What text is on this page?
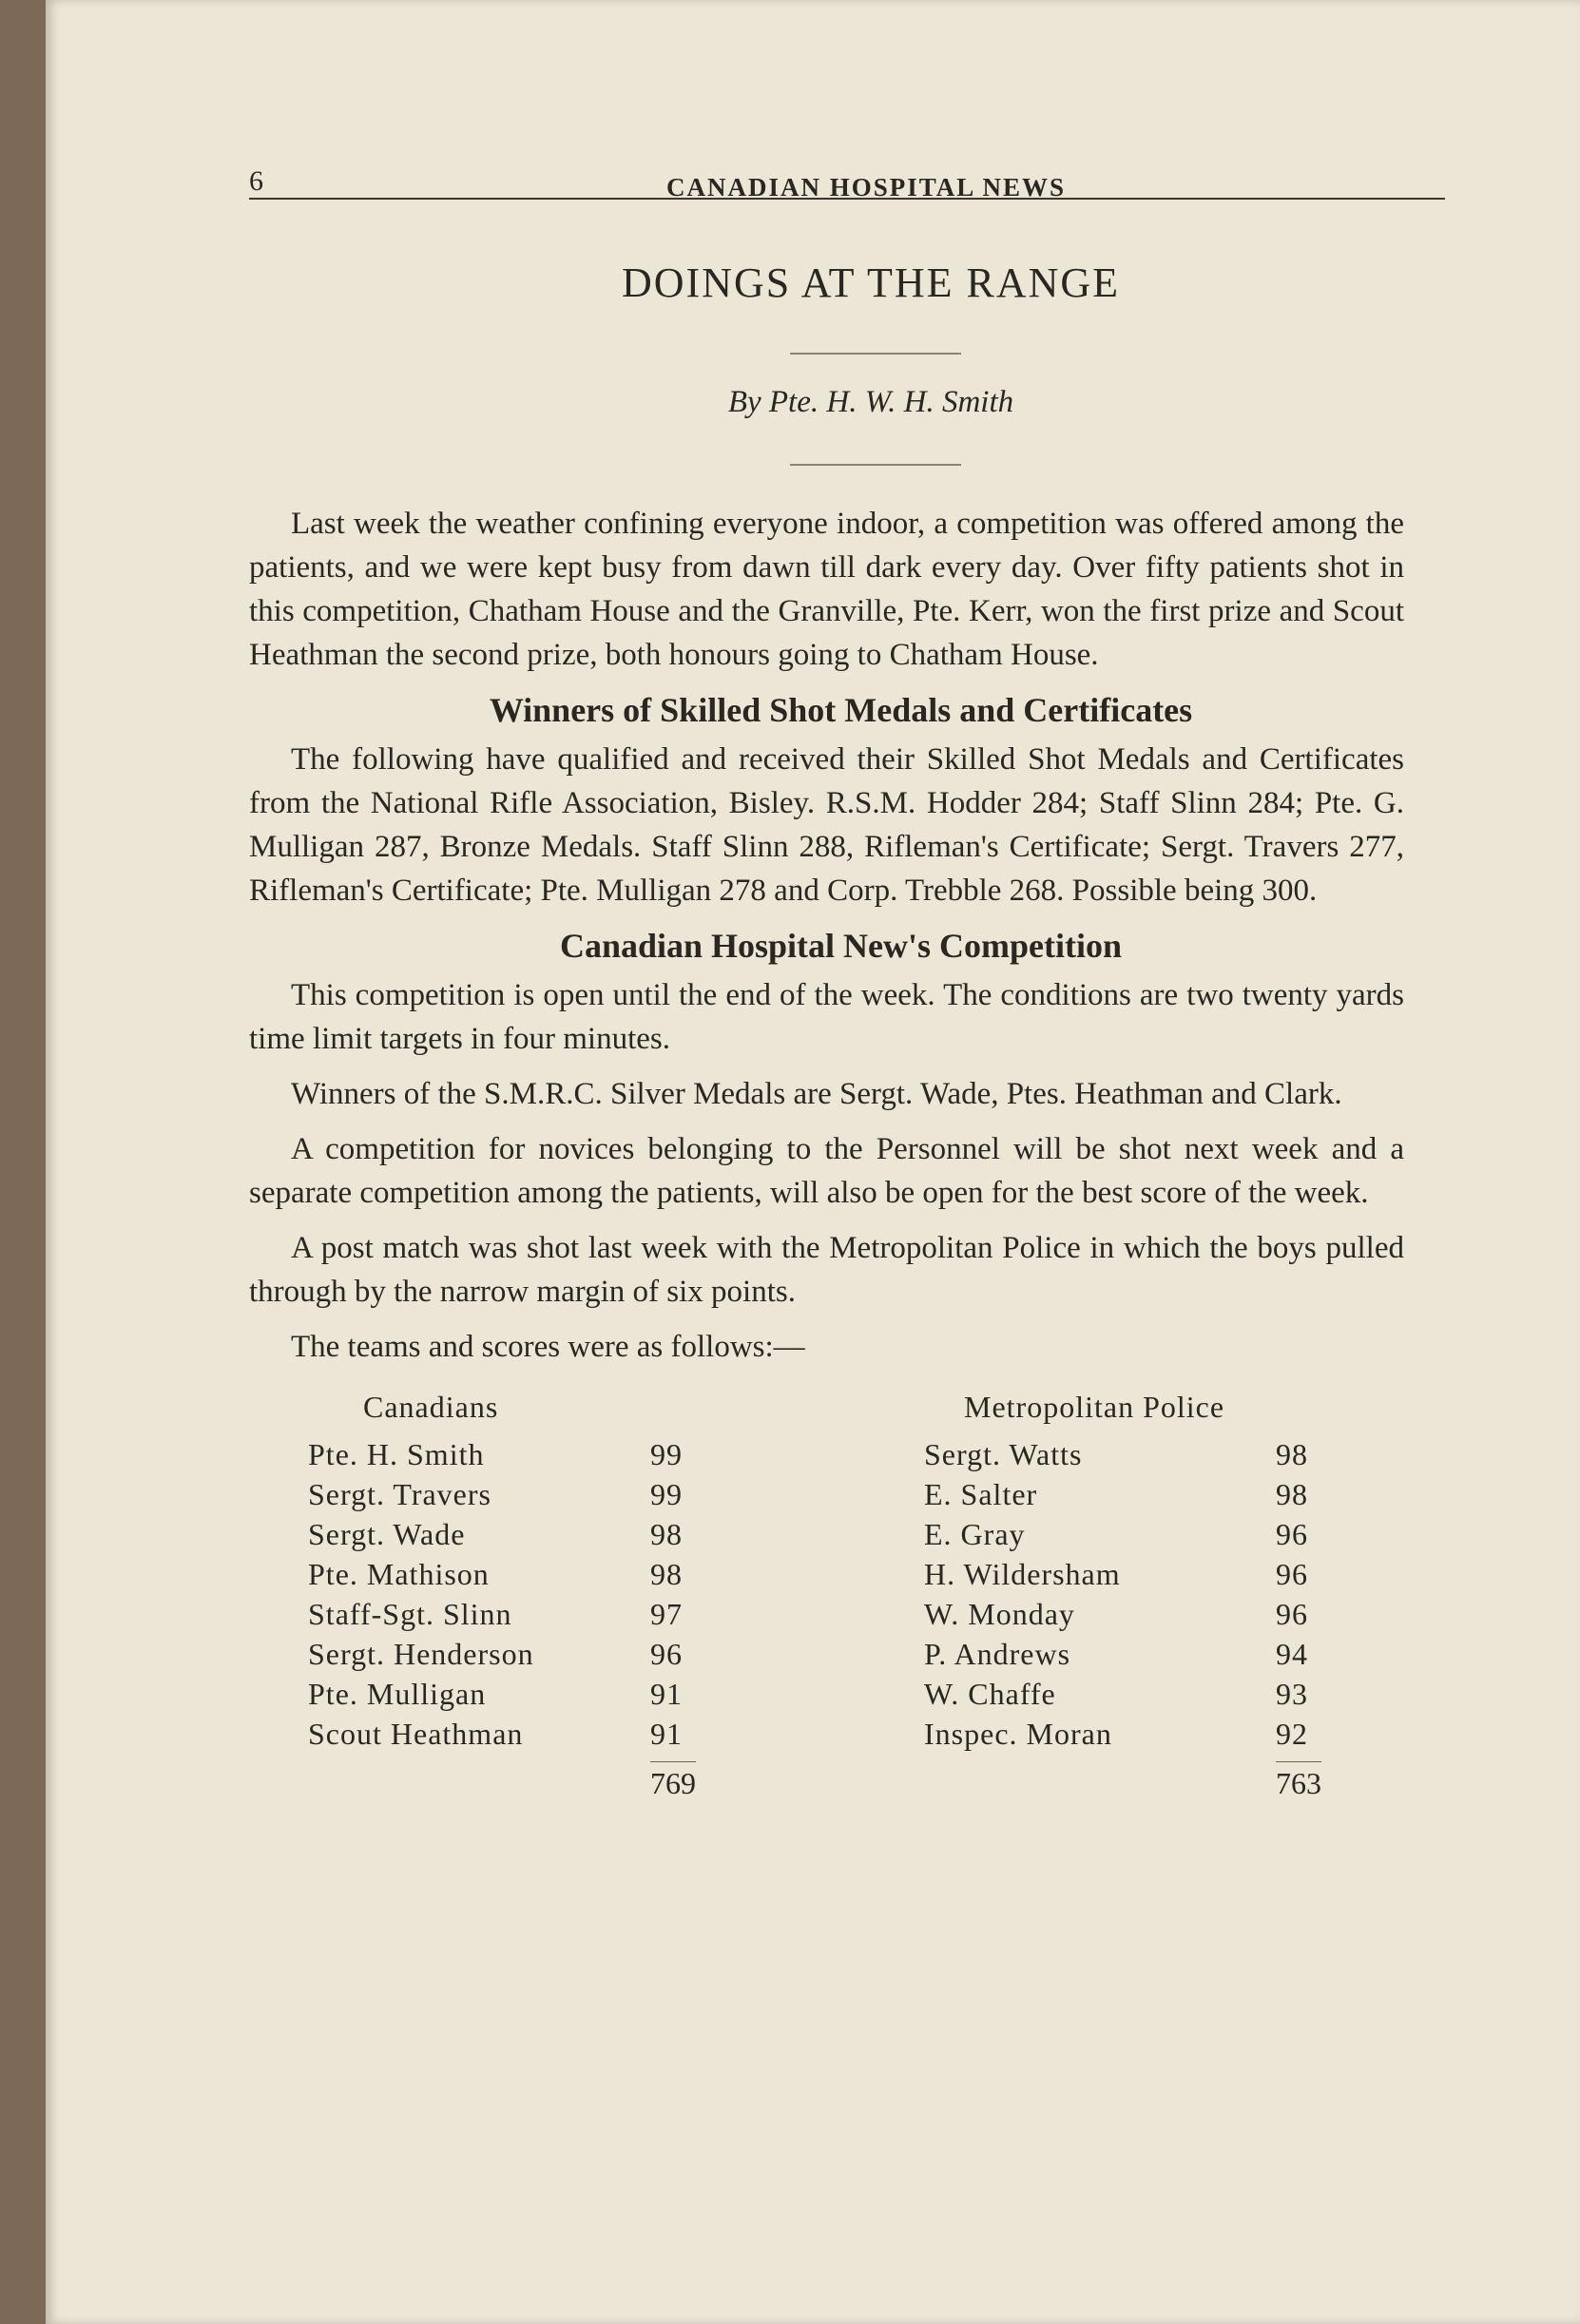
6	CANADIAN HOSPITAL NEWS
DOINGS AT THE RANGE
By Pte. H. W. H. Smith

Last week the weather confining everyone indoor, a competition was offered among the patients, and we were kept busy from dawn till dark every day. Over fifty patients shot in this competition, Chatham House and the Granville, Pte. Kerr, won the first prize and Scout Heathman the second prize, both honours going to Chatham House.

Winners of Skilled Shot Medals and Certificates

The following have qualified and received their Skilled Shot Medals and Certificates from the National Rifle Association, Bisley. R.S.M. Hodder 284; Staff Slinn 284; Pte. G. Mulligan 287, Bronze Medals. Staff Slinn 288, Rifleman's Certificate; Sergt. Travers 277, Rifleman's Certificate; Pte. Mulligan 278 and Corp. Trebble 268. Possible being 300.

Canadian Hospital New's Competition

This competition is open until the end of the week. The conditions are two twenty yards time limit targets in four minutes.

Winners of the S.M.R.C. Silver Medals are Sergt. Wade, Ptes. Heathman and Clark.

A competition for novices belonging to the Personnel will be shot next week and a separate competition among the patients, will also be open for the best score of the week.

A post match was shot last week with the Metropolitan Police in which the boys pulled through by the narrow margin of six points.

The teams and scores were as follows:—

Canadians
Pte. H. Smith	99
Sergt. Travers	99
Sergt. Wade	98
Pte. Mathison	98
Staff-Sgt. Slinn	97
Sergt. Henderson	96
Pte. Mulligan	91
Scout Heathman	91
769
Metropolitan Police
Sergt. Watts	98
E. Salter	98
E. Gray	96
H. Wildersham	96
W. Monday	96
P. Andrews	94
W. Chaffe	93
Inspec. Moran	92
763
